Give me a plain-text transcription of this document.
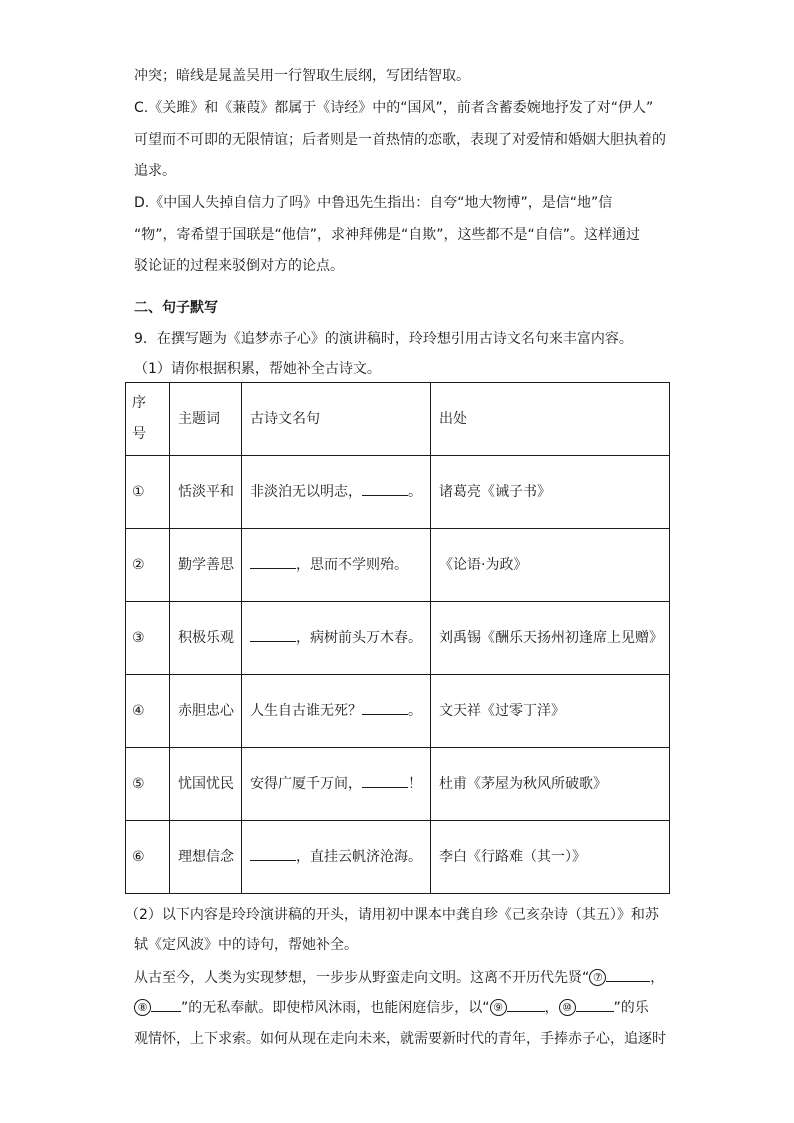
冲突；暗线是晁盖吴用一行智取生辰纲，写团结智取。
C.《关雎》和《蒹葭》都属于《诗经》中的“国风”，前者含蓄委婉地抒发了对“伊人”
可望而不可即的无限情谊；后者则是一首热情的恋歌，表现了对爱情和婚姻大胆执着的
追求。
D.《中国人失掉自信力了吗》中鲁迅先生指出：自夸“地大物博”，是信“地”信
“物”，寄希望于国联是“他信”，求神拜佛是“自欺”，这些都不是“自信”。这样通过
驳论证的过程来驳倒对方的论点。
二、句子默写
9．在撰写题为《追梦赤子心》的演讲稿时，玲玲想引用古诗文名句来丰富内容。
（1）请你根据积累，帮她补全古诗文。
序号	主题词	古诗文名句	出处
①	恬淡平和	非淡泊无以明志， 。	诸葛亮《诫子书》
②	勤学善思	，思而不学则殆。	《论语·为政》
③	积极乐观	，病树前头万木春。	刘禹锡《酬乐天扬州初逢席上见赠》
④	赤胆忠心	人生自古谁无死？ 。	文天祥《过零丁洋》
⑤	忧国忧民	安得广厦千万间， ！	杜甫《茅屋为秋风所破歌》
⑥	理想信念	，直挂云帆济沧海。	李白《行路难（其一）》
（2）以下内容是玲玲演讲稿的开头，请用初中课本中龚自珍《己亥杂诗（其五）》和苏
轼《定风波》中的诗句，帮她补全。
从古至今，人类为实现梦想，一步步从野蛮走向文明。这离不开历代先贤“ ⑦	，
⑧ ”的无私奉献。即使栉风沐雨，也能闲庭信步，以“ ⑨	， ⑩	”的乐
观情怀，上下求索。如何从现在走向未来，就需要新时代的青年，手捧赤子心，追逐时
